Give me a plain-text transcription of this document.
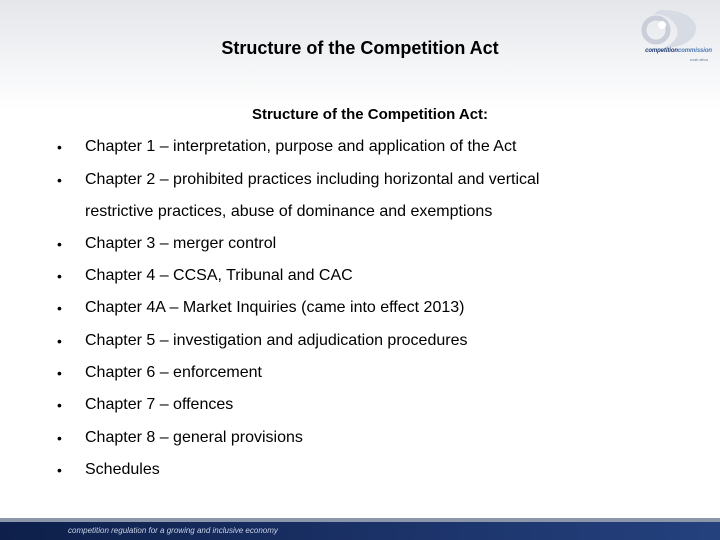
Structure of the Competition Act	competitioncommission
south africa
Structure of the Competition Act:
• Chapter 1 – interpretation, purpose and application of the Act
• Chapter 2 – prohibited practices including horizontal and vertical
restrictive practices, abuse of dominance and exemptions
• Chapter 3 – merger control
• Chapter 4 – CCSA, Tribunal and CAC
• Chapter 4A – Market Inquiries (came into effect 2013)
• Chapter 5 – investigation and adjudication procedures
• Chapter 6 – enforcement
• Chapter 7 – offences
• Chapter 8 – general provisions
• Schedules
competition regulation for a growing and inclusive economy
